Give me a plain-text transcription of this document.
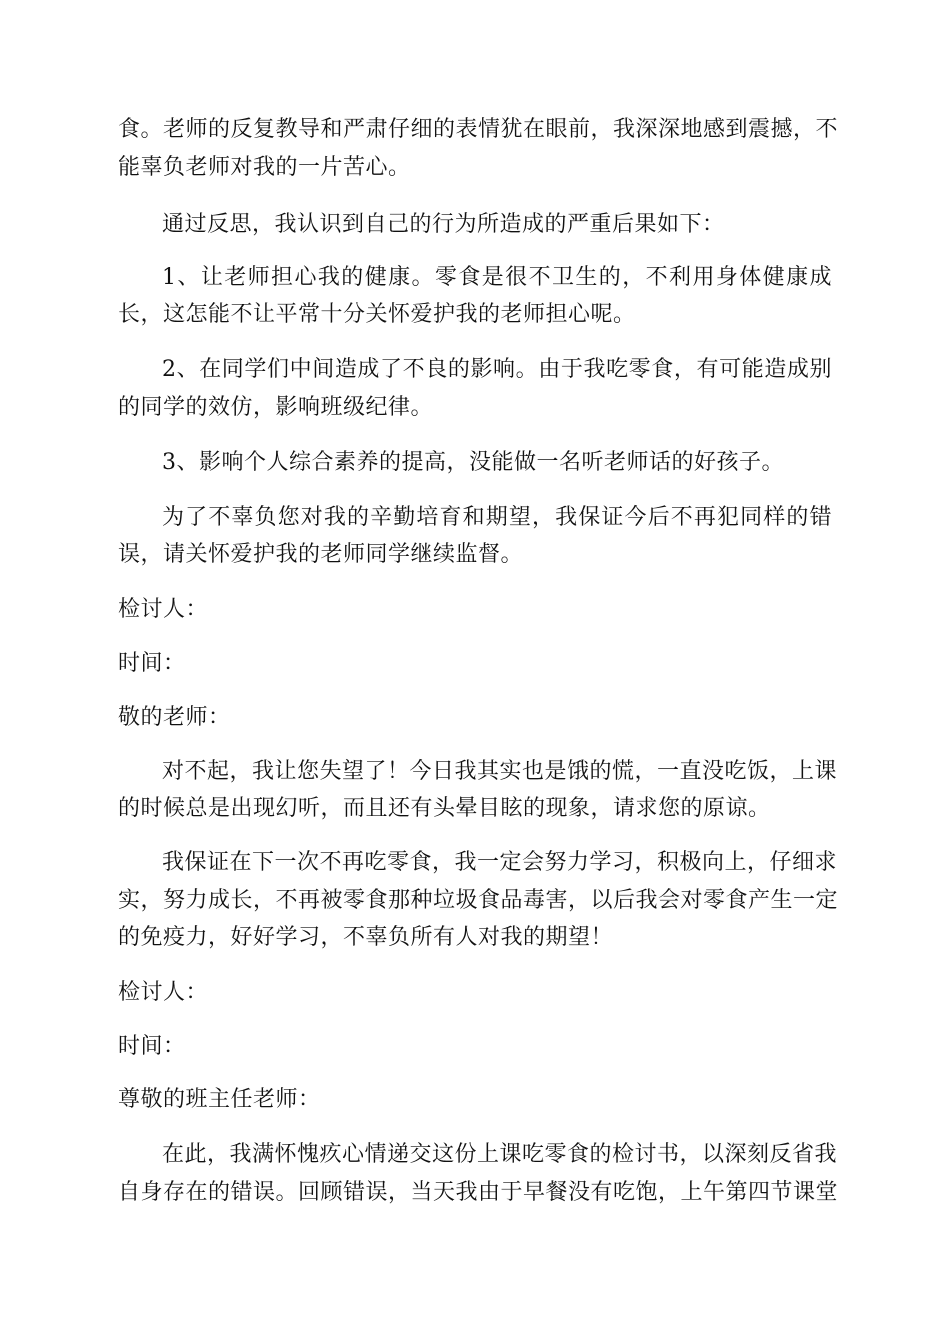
食。老师的反复教导和严肃仔细的表情犹在眼前，我深深地感到震撼，不
能辜负老师对我的一片苦心。
通过反思，我认识到自己的行为所造成的严重后果如下：
1、让老师担心我的健康。零食是很不卫生的，不利用身体健康成
长，这怎能不让平常十分关怀爱护我的老师担心呢。
2、在同学们中间造成了不良的影响。由于我吃零食，有可能造成别
的同学的效仿，影响班级纪律。
3、影响个人综合素养的提高，没能做一名听老师话的好孩子。
为了不辜负您对我的辛勤培育和期望，我保证今后不再犯同样的错
误，请关怀爱护我的老师同学继续监督。
检讨人：
时间：
敬的老师：
对不起，我让您失望了！今日我其实也是饿的慌，一直没吃饭，上课
的时候总是出现幻听，而且还有头晕目眩的现象，请求您的原谅。
我保证在下一次不再吃零食，我一定会努力学习，积极向上，仔细求
实，努力成长，不再被零食那种垃圾食品毒害，以后我会对零食产生一定
的免疫力，好好学习，不辜负所有人对我的期望！
检讨人：
时间：
尊敬的班主任老师：
在此，我满怀愧疚心情递交这份上课吃零食的检讨书，以深刻反省我
自身存在的错误。回顾错误，当天我由于早餐没有吃饱，上午第四节课堂
